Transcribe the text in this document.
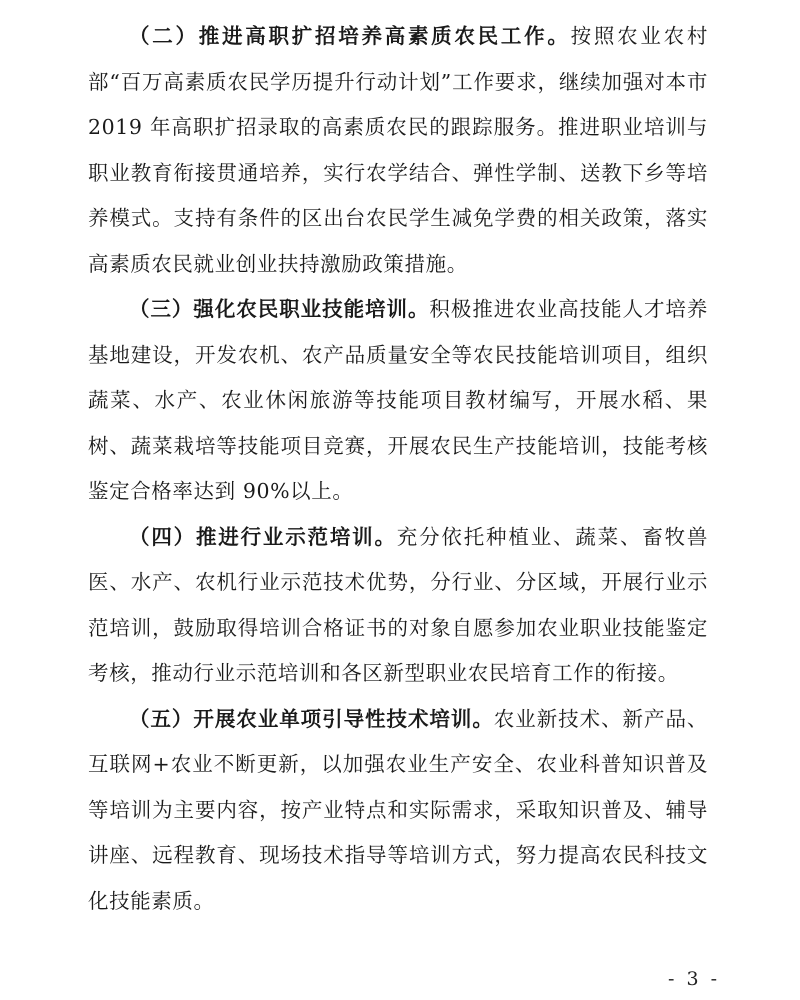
（二）推进高职扩招培养高素质农民工作。按照农业农村部“百万高素质农民学历提升行动计划”工作要求，继续加强对本市 2019 年高职扩招录取的高素质农民的跟踪服务。推进职业培训与职业教育衔接贯通培养，实行农学结合、弹性学制、送教下乡等培养模式。支持有条件的区出台农民学生减免学费的相关政策，落实高素质农民就业创业扶持激励政策措施。

（三）强化农民职业技能培训。积极推进农业高技能人才培养基地建设，开发农机、农产品质量安全等农民技能培训项目，组织蔬菜、水产、农业休闲旅游等技能项目教材编写，开展水稻、果树、蔬菜栽培等技能项目竞赛，开展农民生产技能培训，技能考核鉴定合格率达到 90%以上。

（四）推进行业示范培训。充分依托种植业、蔬菜、畜牧兽医、水产、农机行业示范技术优势，分行业、分区域，开展行业示范培训，鼓励取得培训合格证书的对象自愿参加农业职业技能鉴定考核，推动行业示范培训和各区新型职业农民培育工作的衔接。

（五）开展农业单项引导性技术培训。农业新技术、新产品、互联网+农业不断更新，以加强农业生产安全、农业科普知识普及等培训为主要内容，按产业特点和实际需求，采取知识普及、辅导讲座、远程教育、现场技术指导等培训方式，努力提高农民科技文化技能素质。

- 3 -
